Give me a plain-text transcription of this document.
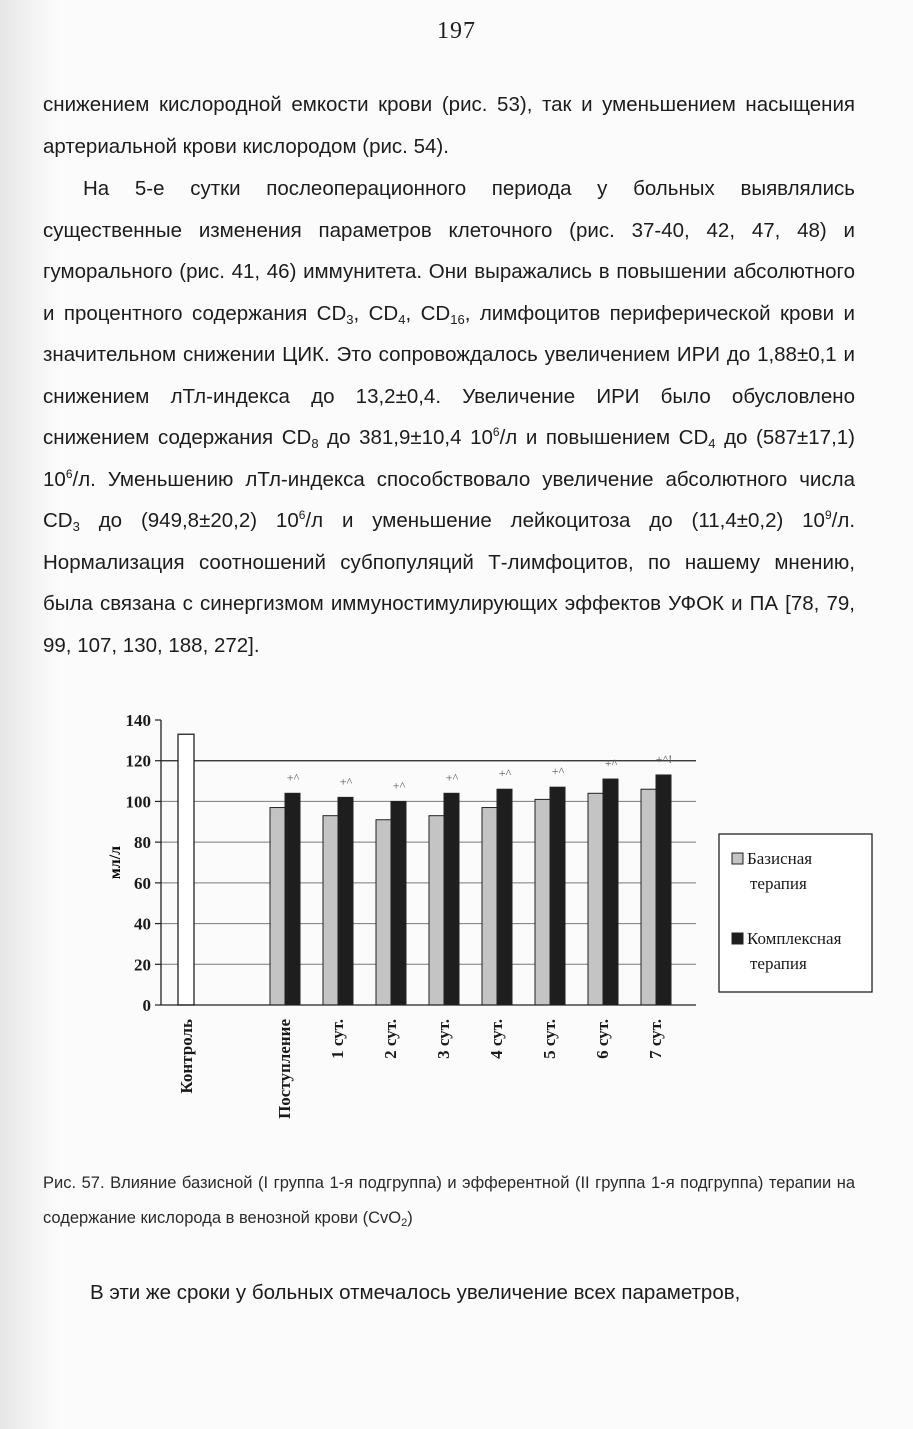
197
снижением кислородной емкости крови (рис. 53), так и уменьшением насыщения артериальной крови кислородом (рис. 54).
На 5-е сутки послеоперационного периода у больных выявлялись существенные изменения параметров клеточного (рис. 37-40, 42, 47, 48) и гуморального (рис. 41, 46) иммунитета. Они выражались в повышении абсолютного и процентного содержания $CD_3$, $CD_4$, $CD_{16}$, лимфоцитов периферической крови и значительном снижении ЦИК. Это сопровождалось увеличением ИРИ до 1,88±0,1 и снижением лТл-индекса до 13,2±0,4. Увеличение ИРИ было обусловлено снижением содержания $CD_8$ до 381,9±10,4 $10^6/л$ и повышением $CD_4$ до (587±17,1) $10^6/л$. Уменьшению лТл-индекса способствовало увеличение абсолютного числа $CD_3$ до (949,8±20,2) $10^6/л$ и уменьшение лейкоцитоза до (11,4±0,2) $10^9/л$. Нормализация соотношений субпопуляций Т-лимфоцитов, по нашему мнению, была связана с синергизмом иммуностимулирующих эффектов УФОК и ПА [78, 79, 99, 107, 130, 188, 272].
+^	+^	+^
+^	+^	+^
+^	+^!
0
20
40
60
80
100
120
140
Поступление 1 сут. 2 сут. 3 сут. 4 сут. 5 сут. 6 сут. 7 сут.
Контроль
мл/л	Базисная
терапия
Комплексная
терапия
Рис. 57. Влияние базисной (I группа 1-я подгруппа) и эфферентной (II группа 1-я подгруппа) терапии на содержание кислорода в венозной крови (CvO$_2$)
В эти же сроки у больных отмечалось увеличение всех параметров,
